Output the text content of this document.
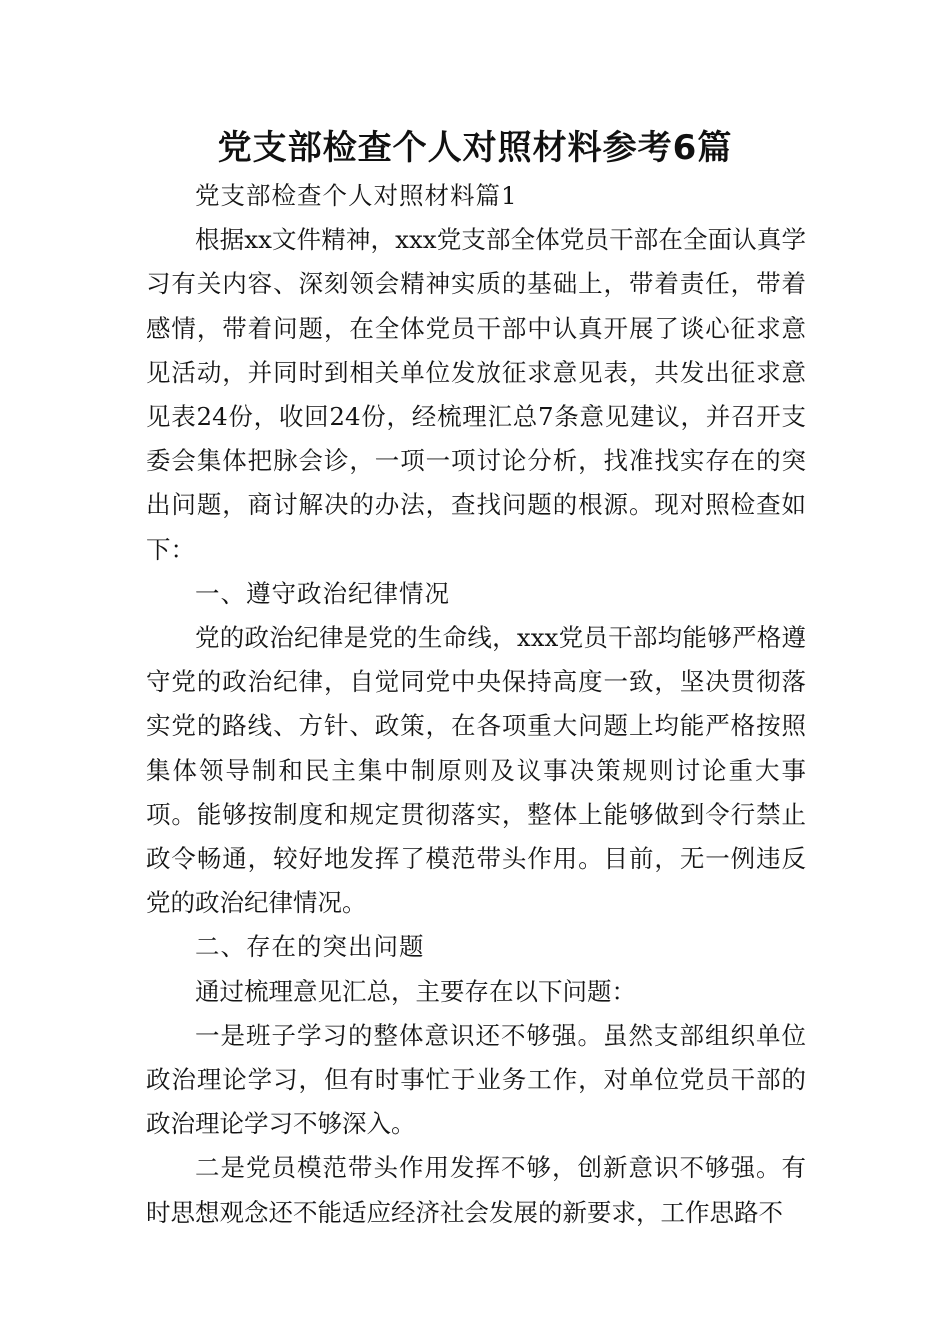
党支部检查个人对照材料参考6篇

党支部检查个人对照材料篇1

根据xx文件精神，xxx党支部全体党员干部在全面认真学习有关内容、深刻领会精神实质的基础上，带着责任，带着感情，带着问题，在全体党员干部中认真开展了谈心征求意见活动，并同时到相关单位发放征求意见表，共发出征求意见表24份，收回24份，经梳理汇总7条意见建议，并召开支委会集体把脉会诊，一项一项讨论分析，找准找实存在的突出问题，商讨解决的办法，查找问题的根源。现对照检查如下：

一、遵守政治纪律情况

党的政治纪律是党的生命线，xxx党员干部均能够严格遵守党的政治纪律，自觉同党中央保持高度一致，坚决贯彻落实党的路线、方针、政策，在各项重大问题上均能严格按照集体领导制和民主集中制原则及议事决策规则讨论重大事项。能够按制度和规定贯彻落实，整体上能够做到令行禁止政令畅通，较好地发挥了模范带头作用。目前，无一例违反党的政治纪律情况。

二、存在的突出问题

通过梳理意见汇总，主要存在以下问题：

一是班子学习的整体意识还不够强。虽然支部组织单位政治理论学习，但有时事忙于业务工作，对单位党员干部的政治理论学习不够深入。

二是党员模范带头作用发挥不够，创新意识不够强。有时思想观念还不能适应经济社会发展的新要求，工作思路不
